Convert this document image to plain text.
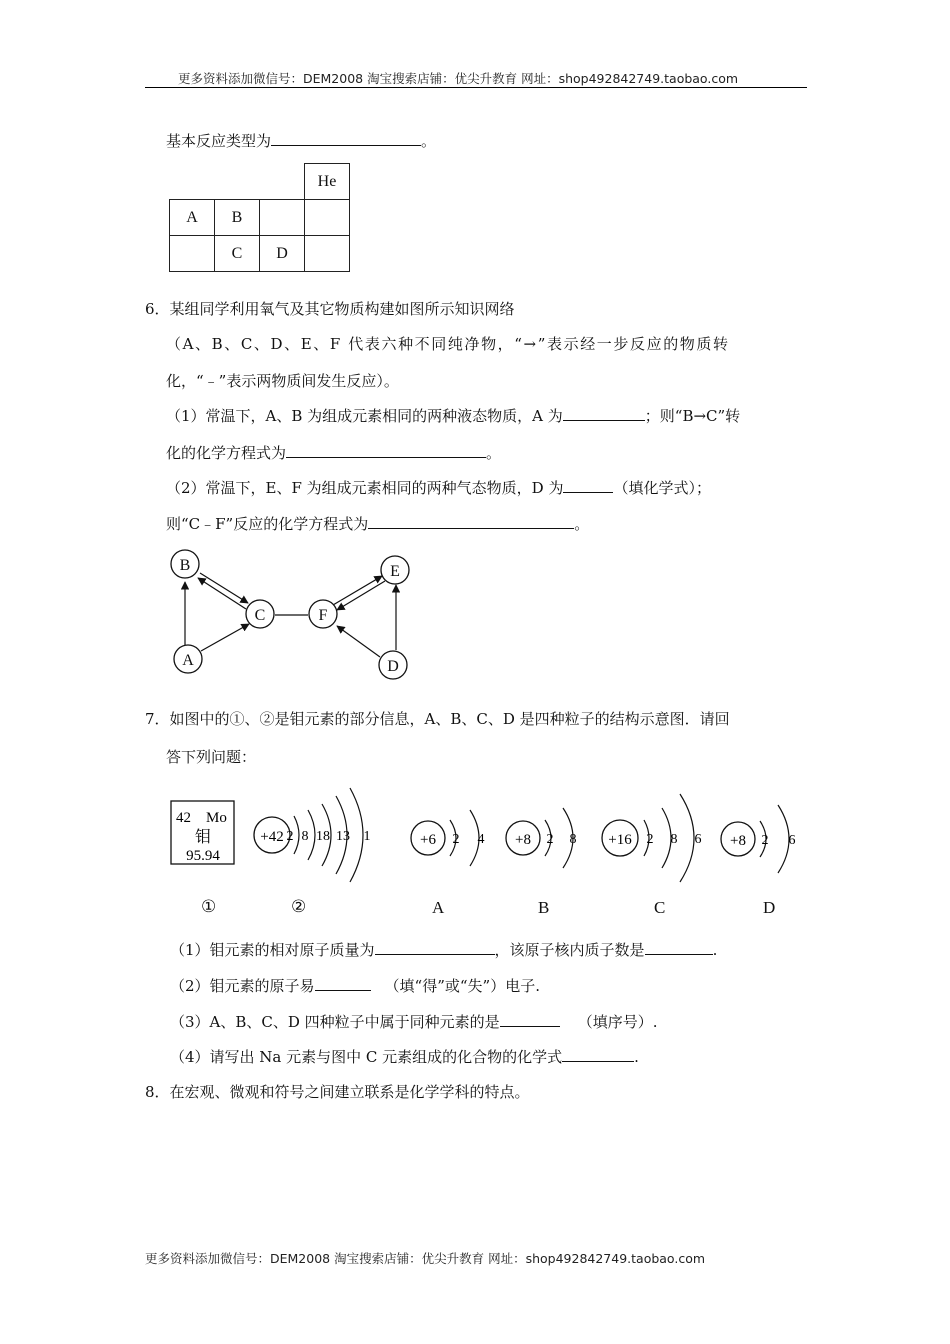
更多资料添加微信号：DEM2008 淘宝搜索店铺：优尖升教育 网址：shop492842749.taobao.com
基本反应类型为	。
			He
A	B		
	C	D	
6．某组同学利用氧气及其它物质构建如图所示知识网络
（A、B、C、D、E、F 代表六种不同纯净物，“→”表示经一步反应的物质转
化，“﹣”表示两物质间发生反应）。
（1）常温下，A、B 为组成元素相同的两种液态物质，A 为	；则“B→C”转
化的化学方程式为	。
（2）常温下，E、F 为组成元素相同的两种气态物质，D 为	（填化学式）；
则“C﹣F”反应的化学方程式为	。
B
C
A
F
E
D
7．如图中的①、②是钼元素的部分信息，A、B、C、D 是四种粒子的结构示意图．请回
答下列问题：
42 Mo
钼
95.94
+42 2 8 18 13 1	+6 2 4 +8 2 8 +16 2 8 6 +8 2 6
①	②	A	B	C	D
（1）钼元素的相对原子质量为	，该原子核内质子数是	.
（2）钼元素的原子易	（填“得”或“失”）电子.
（3）A、B、C、D 四种粒子中属于同种元素的是	（填序号）.
（4）请写出 Na 元素与图中 C 元素组成的化合物的化学式	.
8．在宏观、微观和符号之间建立联系是化学学科的特点。
更多资料添加微信号：DEM2008 淘宝搜索店铺：优尖升教育 网址：shop492842749.taobao.com
